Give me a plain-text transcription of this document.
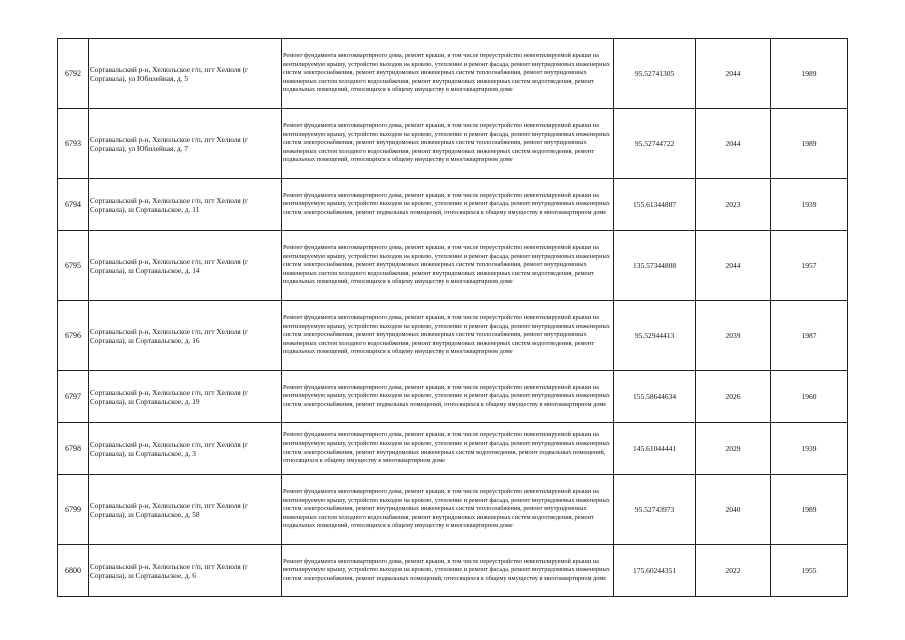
6792	Сортавальский р-н, Хелюльское г/п, пгт Хелюля (г Сортавала), ул Юбилейная, д. 5	Ремонт фундамента многоквартирного дома, ремонт крыши, в том числе переустройство невентилируемой крыши на вентилируемую крышу, устройство выходов на кровлю, утепление и ремонт фасада, ремонт внутридомовых инженерных систем электроснабжения, ремонт внутридомовых инженерных систем теплоснабжения, ремонт внутридомовых инженерных систем холодного водоснабжения, ремонт внутридомовых инженерных систем водоотведения, ремонт подвальных помещений, относящихся к общему имуществу в многоквартирном доме	95.52741305	2044	1989
6793	Сортавальский р-н, Хелюльское г/п, пгт Хелюля (г Сортавала), ул Юбилейная, д. 7	Ремонт фундамента многоквартирного дома, ремонт крыши, в том числе переустройство невентилируемой крыши на вентилируемую крышу, устройство выходов на кровлю, утепление и ремонт фасада, ремонт внутридомовых инженерных систем электроснабжения, ремонт внутридомовых инженерных систем теплоснабжения, ремонт внутридомовых инженерных систем холодного водоснабжения, ремонт внутридомовых инженерных систем водоотведения, ремонт подвальных помещений, относящихся к общему имуществу в многоквартирном доме	95.52744722	2044	1989
6794	Сортавальский р-н, Хелюльское г/п, пгт Хелюля (г Сортавала), ш Сортавальское, д. 11	Ремонт фундамента многоквартирного дома, ремонт крыши, в том числе переустройство невентилируемой крыши на вентилируемую крышу, устройство выходов на кровлю, утепление и ремонт фасада, ремонт внутридомовых инженерных систем электроснабжения, ремонт подвальных помещений, относящихся к общему имуществу в многоквартирном доме	155.61344807	2023	1939
6795	Сортавальский р-н, Хелюльское г/п, пгт Хелюля (г Сортавала), ш Сортавальское, д. 14	Ремонт фундамента многоквартирного дома, ремонт крыши, в том числе переустройство невентилируемой крыши на вентилируемую крышу, устройство выходов на кровлю, утепление и ремонт фасада, ремонт внутридомовых инженерных систем электроснабжения, ремонт внутридомовых инженерных систем теплоснабжения, ремонт внутридомовых инженерных систем холодного водоснабжения, ремонт внутридомовых инженерных систем водоотведения, ремонт подвальных помещений, относящихся к общему имуществу в многоквартирном доме	135.57344808	2044	1957
6796	Сортавальский р-н, Хелюльское г/п, пгт Хелюля (г Сортавала), ш Сортавальское, д. 16	Ремонт фундамента многоквартирного дома, ремонт крыши, в том числе переустройство невентилируемой крыши на вентилируемую крышу, устройство выходов на кровлю, утепление и ремонт фасада, ремонт внутридомовых инженерных систем электроснабжения, ремонт внутридомовых инженерных систем теплоснабжения, ремонт внутридомовых инженерных систем холодного водоснабжения, ремонт внутридомовых инженерных систем водоотведения, ремонт подвальных помещений, относящихся к общему имуществу в многоквартирном доме	95.52944413	2039	1987
6797	Сортавальский р-н, Хелюльское г/п, пгт Хелюля (г Сортавала), ш Сортавальское, д. 19	Ремонт фундамента многоквартирного дома, ремонт крыши, в том числе переустройство невентилируемой крыши на вентилируемую крышу, устройство выходов на кровлю, утепление и ремонт фасада, ремонт внутридомовых инженерных систем электроснабжения, ремонт подвальных помещений, относящихся к общему имуществу в многоквартирном доме	155.58644634	2026	1960
6798	Сортавальский р-н, Хелюльское г/п, пгт Хелюля (г Сортавала), ш Сортавальское, д. 3	Ремонт фундамента многоквартирного дома, ремонт крыши, в том числе переустройство невентилируемой крыши на вентилируемую крышу, устройство выходов на кровлю, утепление и ремонт фасада, ремонт внутридомовых инженерных систем электроснабжения, ремонт внутридомовых инженерных систем водоотведения, ремонт подвальных помещений, относящихся к общему имуществу в многоквартирном доме	145.61044441	2029	1939
6799	Сортавальский р-н, Хелюльское г/п, пгт Хелюля (г Сортавала), ш Сортавальское, д. 58	Ремонт фундамента многоквартирного дома, ремонт крыши, в том числе переустройство невентилируемой крыши на вентилируемую крышу, устройство выходов на кровлю, утепление и ремонт фасада, ремонт внутридомовых инженерных систем электроснабжения, ремонт внутридомовых инженерных систем теплоснабжения, ремонт внутридомовых инженерных систем холодного водоснабжения, ремонт внутридомовых инженерных систем водоотведения, ремонт подвальных помещений, относящихся к общему имуществу в многоквартирном доме	95.52743973	2040	1989
6800	Сортавальский р-н, Хелюльское г/п, пгт Хелюля (г Сортавала), ш Сортавальское, д. 6	Ремонт фундамента многоквартирного дома, ремонт крыши, в том числе переустройство невентилируемой крыши на вентилируемую крышу, устройство выходов на кровлю, утепление и ремонт фасада, ремонт внутридомовых инженерных систем электроснабжения, ремонт подвальных помещений, относящихся к общему имуществу в многоквартирном доме	175.60244351	2022	1955
